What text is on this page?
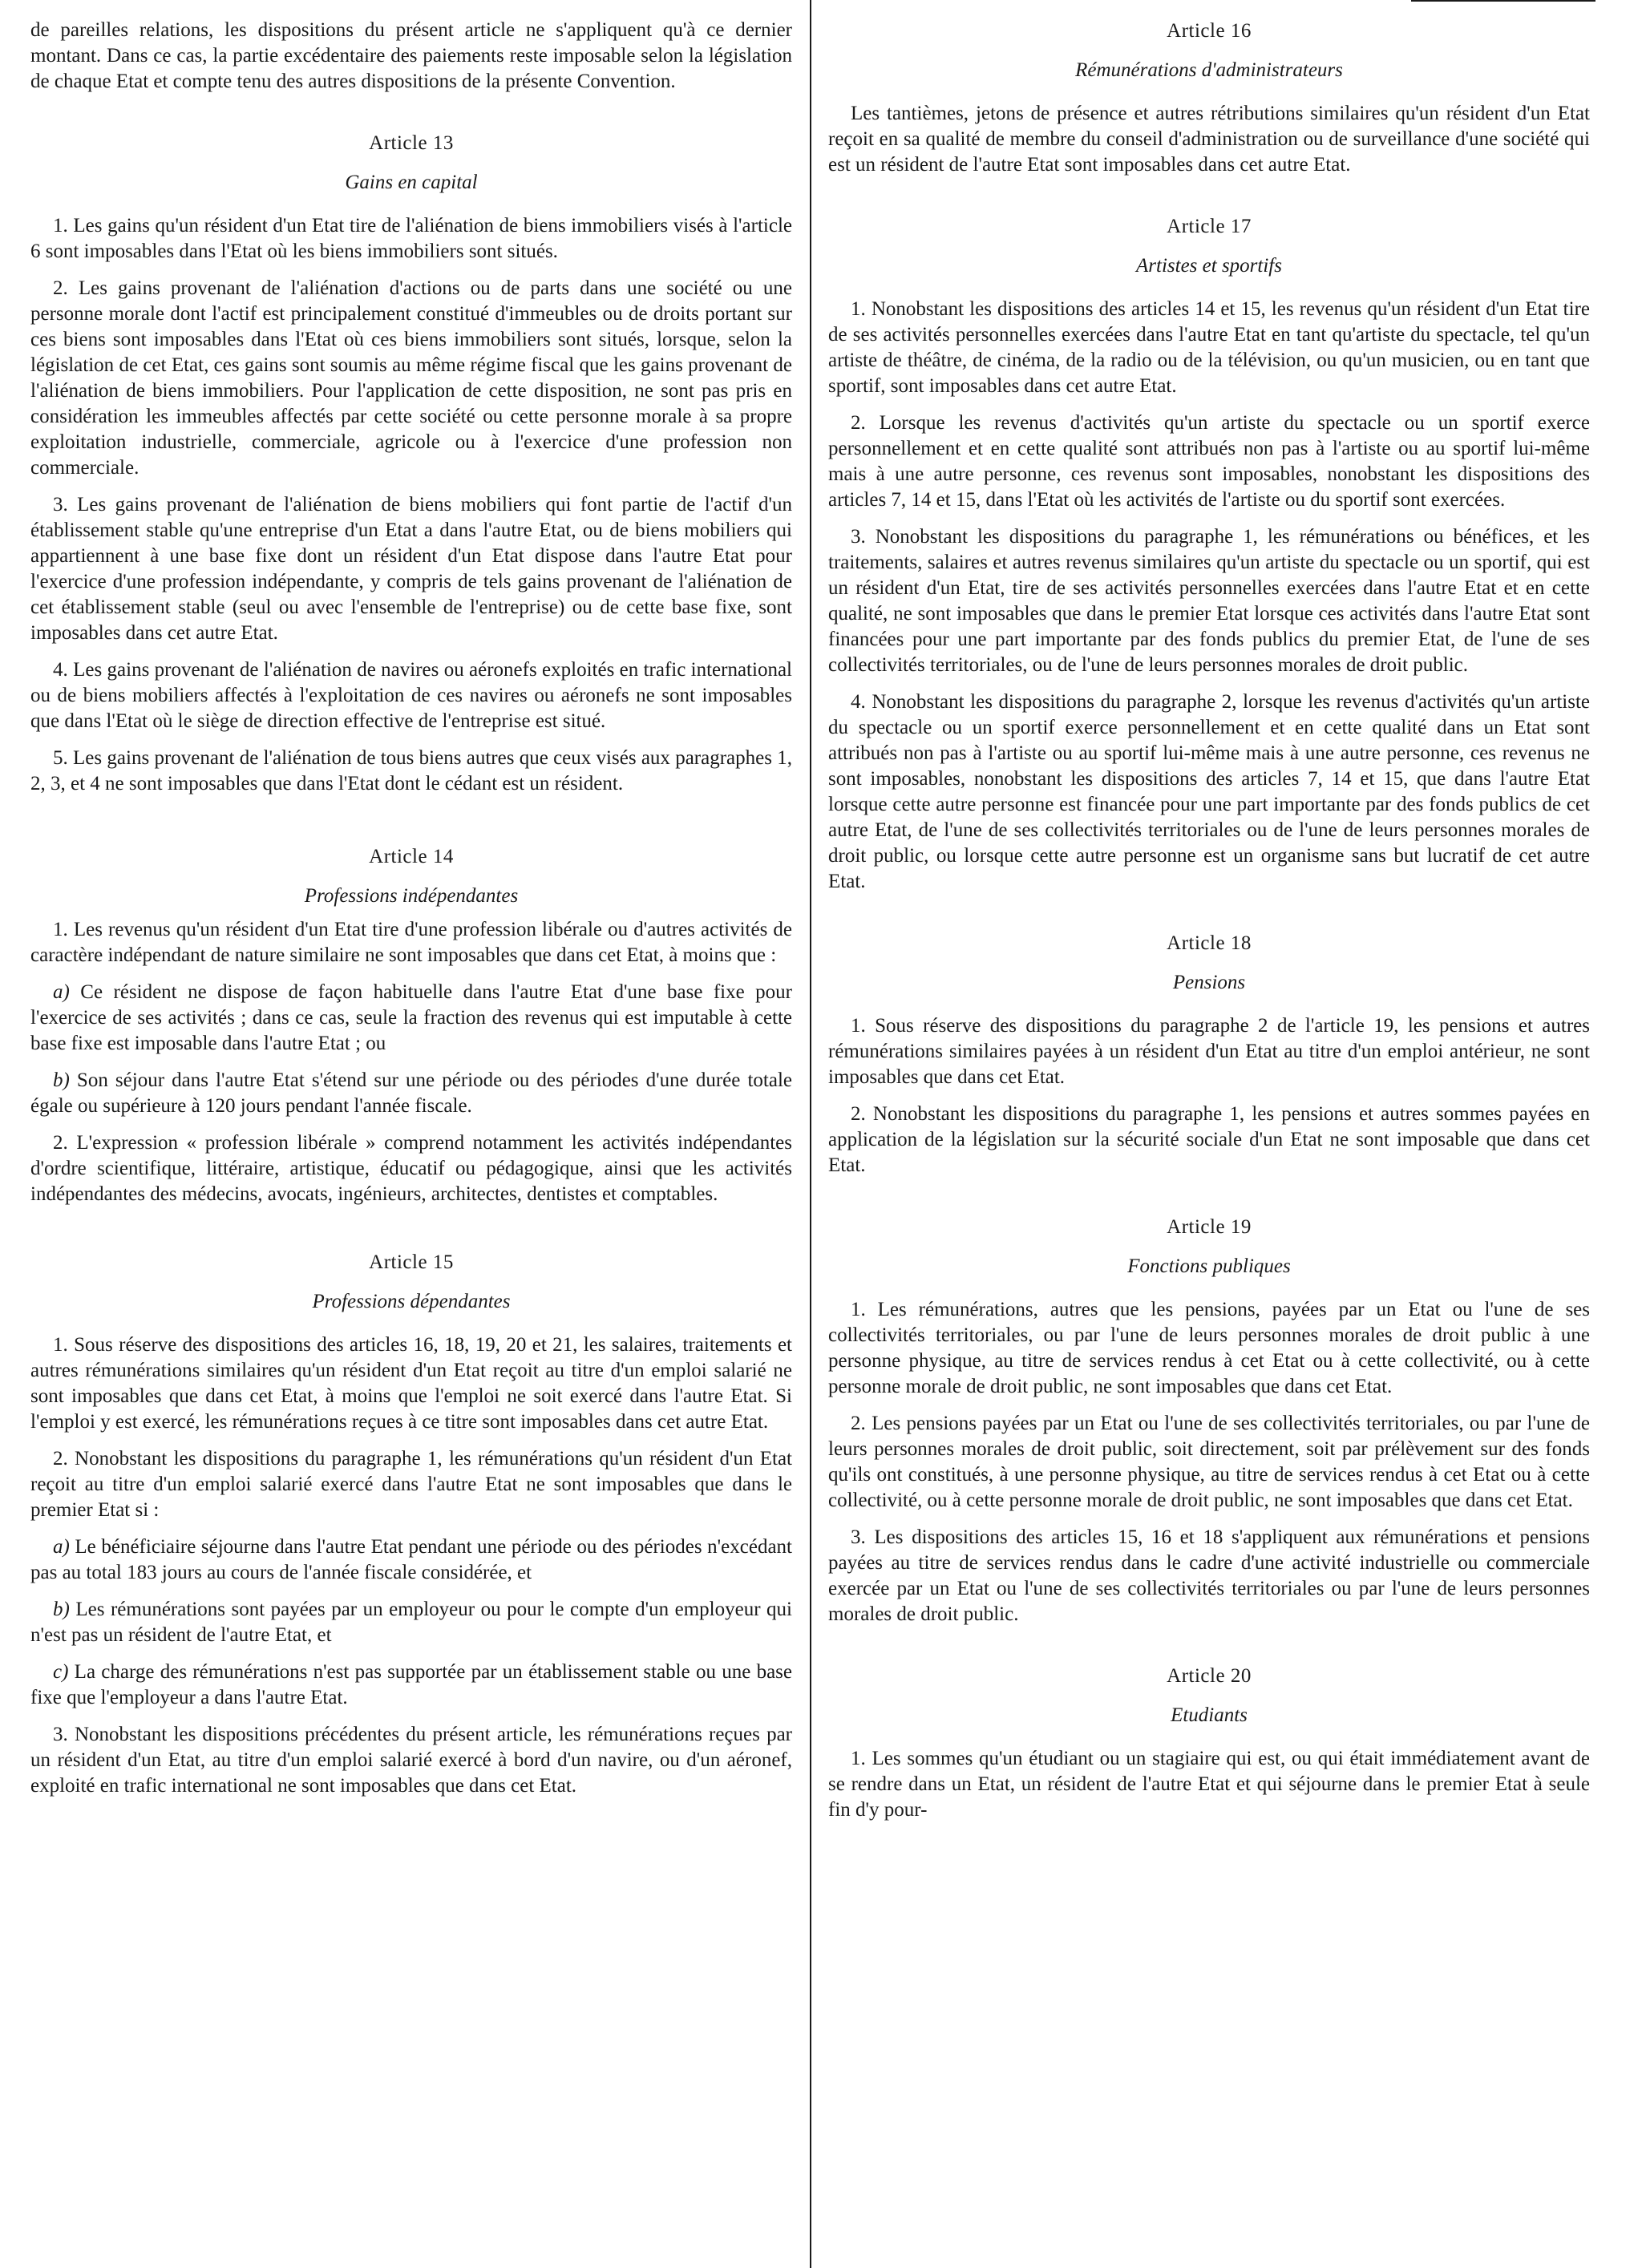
de pareilles relations, les dispositions du présent article ne s'appliquent qu'à ce dernier montant. Dans ce cas, la partie excédentaire des paiements reste imposable selon la législation de chaque Etat et compte tenu des autres dispositions de la présente Convention.

Article 13
Gains en capital

1. Les gains qu'un résident d'un Etat tire de l'aliénation de biens immobiliers visés à l'article 6 sont imposables dans l'Etat où les biens immobiliers sont situés.

2. Les gains provenant de l'aliénation d'actions ou de parts dans une société ou une personne morale dont l'actif est principalement constitué d'immeubles ou de droits portant sur ces biens sont imposables dans l'Etat où ces biens immobiliers sont situés, lorsque, selon la législation de cet Etat, ces gains sont soumis au même régime fiscal que les gains provenant de l'aliénation de biens immobiliers. Pour l'application de cette disposition, ne sont pas pris en considération les immeubles affectés par cette société ou cette personne morale à sa propre exploitation industrielle, commerciale, agricole ou à l'exercice d'une profession non commerciale.

3. Les gains provenant de l'aliénation de biens mobiliers qui font partie de l'actif d'un établissement stable qu'une entreprise d'un Etat a dans l'autre Etat, ou de biens mobiliers qui appartiennent à une base fixe dont un résident d'un Etat dispose dans l'autre Etat pour l'exercice d'une profession indépendante, y compris de tels gains provenant de l'aliénation de cet établissement stable (seul ou avec l'ensemble de l'entreprise) ou de cette base fixe, sont imposables dans cet autre Etat.

4. Les gains provenant de l'aliénation de navires ou aéronefs exploités en trafic international ou de biens mobiliers affectés à l'exploitation de ces navires ou aéronefs ne sont imposables que dans l'Etat où le siège de direction effective de l'entreprise est situé.

5. Les gains provenant de l'aliénation de tous biens autres que ceux visés aux paragraphes 1, 2, 3, et 4 ne sont imposables que dans l'Etat dont le cédant est un résident.

Article 14
Professions indépendantes

1. Les revenus qu'un résident d'un Etat tire d'une profession libérale ou d'autres activités de caractère indépendant de nature similaire ne sont imposables que dans cet Etat, à moins que :

a) Ce résident ne dispose de façon habituelle dans l'autre Etat d'une base fixe pour l'exercice de ses activités ; dans ce cas, seule la fraction des revenus qui est imputable à cette base fixe est imposable dans l'autre Etat ; ou

b) Son séjour dans l'autre Etat s'étend sur une période ou des périodes d'une durée totale égale ou supérieure à 120 jours pendant l'année fiscale.

2. L'expression « profession libérale » comprend notamment les activités indépendantes d'ordre scientifique, littéraire, artistique, éducatif ou pédagogique, ainsi que les activités indépendantes des médecins, avocats, ingénieurs, architectes, dentistes et comptables.

Article 15
Professions dépendantes

1. Sous réserve des dispositions des articles 16, 18, 19, 20 et 21, les salaires, traitements et autres rémunérations similaires qu'un résident d'un Etat reçoit au titre d'un emploi salarié ne sont imposables que dans cet Etat, à moins que l'emploi ne soit exercé dans l'autre Etat. Si l'emploi y est exercé, les rémunérations reçues à ce titre sont imposables dans cet autre Etat.

2. Nonobstant les dispositions du paragraphe 1, les rémunérations qu'un résident d'un Etat reçoit au titre d'un emploi salarié exercé dans l'autre Etat ne sont imposables que dans le premier Etat si :

a) Le bénéficiaire séjourne dans l'autre Etat pendant une période ou des périodes n'excédant pas au total 183 jours au cours de l'année fiscale considérée, et

b) Les rémunérations sont payées par un employeur ou pour le compte d'un employeur qui n'est pas un résident de l'autre Etat, et

c) La charge des rémunérations n'est pas supportée par un établissement stable ou une base fixe que l'employeur a dans l'autre Etat.

3. Nonobstant les dispositions précédentes du présent article, les rémunérations reçues par un résident d'un Etat, au titre d'un emploi salarié exercé à bord d'un navire, ou d'un aéronef, exploité en trafic international ne sont imposables que dans cet Etat.

Article 16
Rémunérations d'administrateurs

Les tantièmes, jetons de présence et autres rétributions similaires qu'un résident d'un Etat reçoit en sa qualité de membre du conseil d'administration ou de surveillance d'une société qui est un résident de l'autre Etat sont imposables dans cet autre Etat.

Article 17
Artistes et sportifs

1. Nonobstant les dispositions des articles 14 et 15, les revenus qu'un résident d'un Etat tire de ses activités personnelles exercées dans l'autre Etat en tant qu'artiste du spectacle, tel qu'un artiste de théâtre, de cinéma, de la radio ou de la télévision, ou qu'un musicien, ou en tant que sportif, sont imposables dans cet autre Etat.

2. Lorsque les revenus d'activités qu'un artiste du spectacle ou un sportif exerce personnellement et en cette qualité sont attribués non pas à l'artiste ou au sportif lui-même mais à une autre personne, ces revenus sont imposables, nonobstant les dispositions des articles 7, 14 et 15, dans l'Etat où les activités de l'artiste ou du sportif sont exercées.

3. Nonobstant les dispositions du paragraphe 1, les rémunérations ou bénéfices, et les traitements, salaires et autres revenus similaires qu'un artiste du spectacle ou un sportif, qui est un résident d'un Etat, tire de ses activités personnelles exercées dans l'autre Etat et en cette qualité, ne sont imposables que dans le premier Etat lorsque ces activités dans l'autre Etat sont financées pour une part importante par des fonds publics du premier Etat, de l'une de ses collectivités territoriales, ou de l'une de leurs personnes morales de droit public.

4. Nonobstant les dispositions du paragraphe 2, lorsque les revenus d'activités qu'un artiste du spectacle ou un sportif exerce personnellement et en cette qualité dans un Etat sont attribués non pas à l'artiste ou au sportif lui-même mais à une autre personne, ces revenus ne sont imposables, nonobstant les dispositions des articles 7, 14 et 15, que dans l'autre Etat lorsque cette autre personne est financée pour une part importante par des fonds publics de cet autre Etat, de l'une de ses collectivités territoriales ou de l'une de leurs personnes morales de droit public, ou lorsque cette autre personne est un organisme sans but lucratif de cet autre Etat.

Article 18
Pensions

1. Sous réserve des dispositions du paragraphe 2 de l'article 19, les pensions et autres rémunérations similaires payées à un résident d'un Etat au titre d'un emploi antérieur, ne sont imposables que dans cet Etat.

2. Nonobstant les dispositions du paragraphe 1, les pensions et autres sommes payées en application de la législation sur la sécurité sociale d'un Etat ne sont imposable que dans cet Etat.

Article 19
Fonctions publiques

1. Les rémunérations, autres que les pensions, payées par un Etat ou l'une de ses collectivités territoriales, ou par l'une de leurs personnes morales de droit public à une personne physique, au titre de services rendus à cet Etat ou à cette collectivité, ou à cette personne morale de droit public, ne sont imposables que dans cet Etat.

2. Les pensions payées par un Etat ou l'une de ses collectivités territoriales, ou par l'une de leurs personnes morales de droit public, soit directement, soit par prélèvement sur des fonds qu'ils ont constitués, à une personne physique, au titre de services rendus à cet Etat ou à cette collectivité, ou à cette personne morale de droit public, ne sont imposables que dans cet Etat.

3. Les dispositions des articles 15, 16 et 18 s'appliquent aux rémunérations et pensions payées au titre de services rendus dans le cadre d'une activité industrielle ou commerciale exercée par un Etat ou l'une de ses collectivités territoriales ou par l'une de leurs personnes morales de droit public.

Article 20
Etudiants

1. Les sommes qu'un étudiant ou un stagiaire qui est, ou qui était immédiatement avant de se rendre dans un Etat, un résident de l'autre Etat et qui séjourne dans le premier Etat à seule fin d'y pour-
